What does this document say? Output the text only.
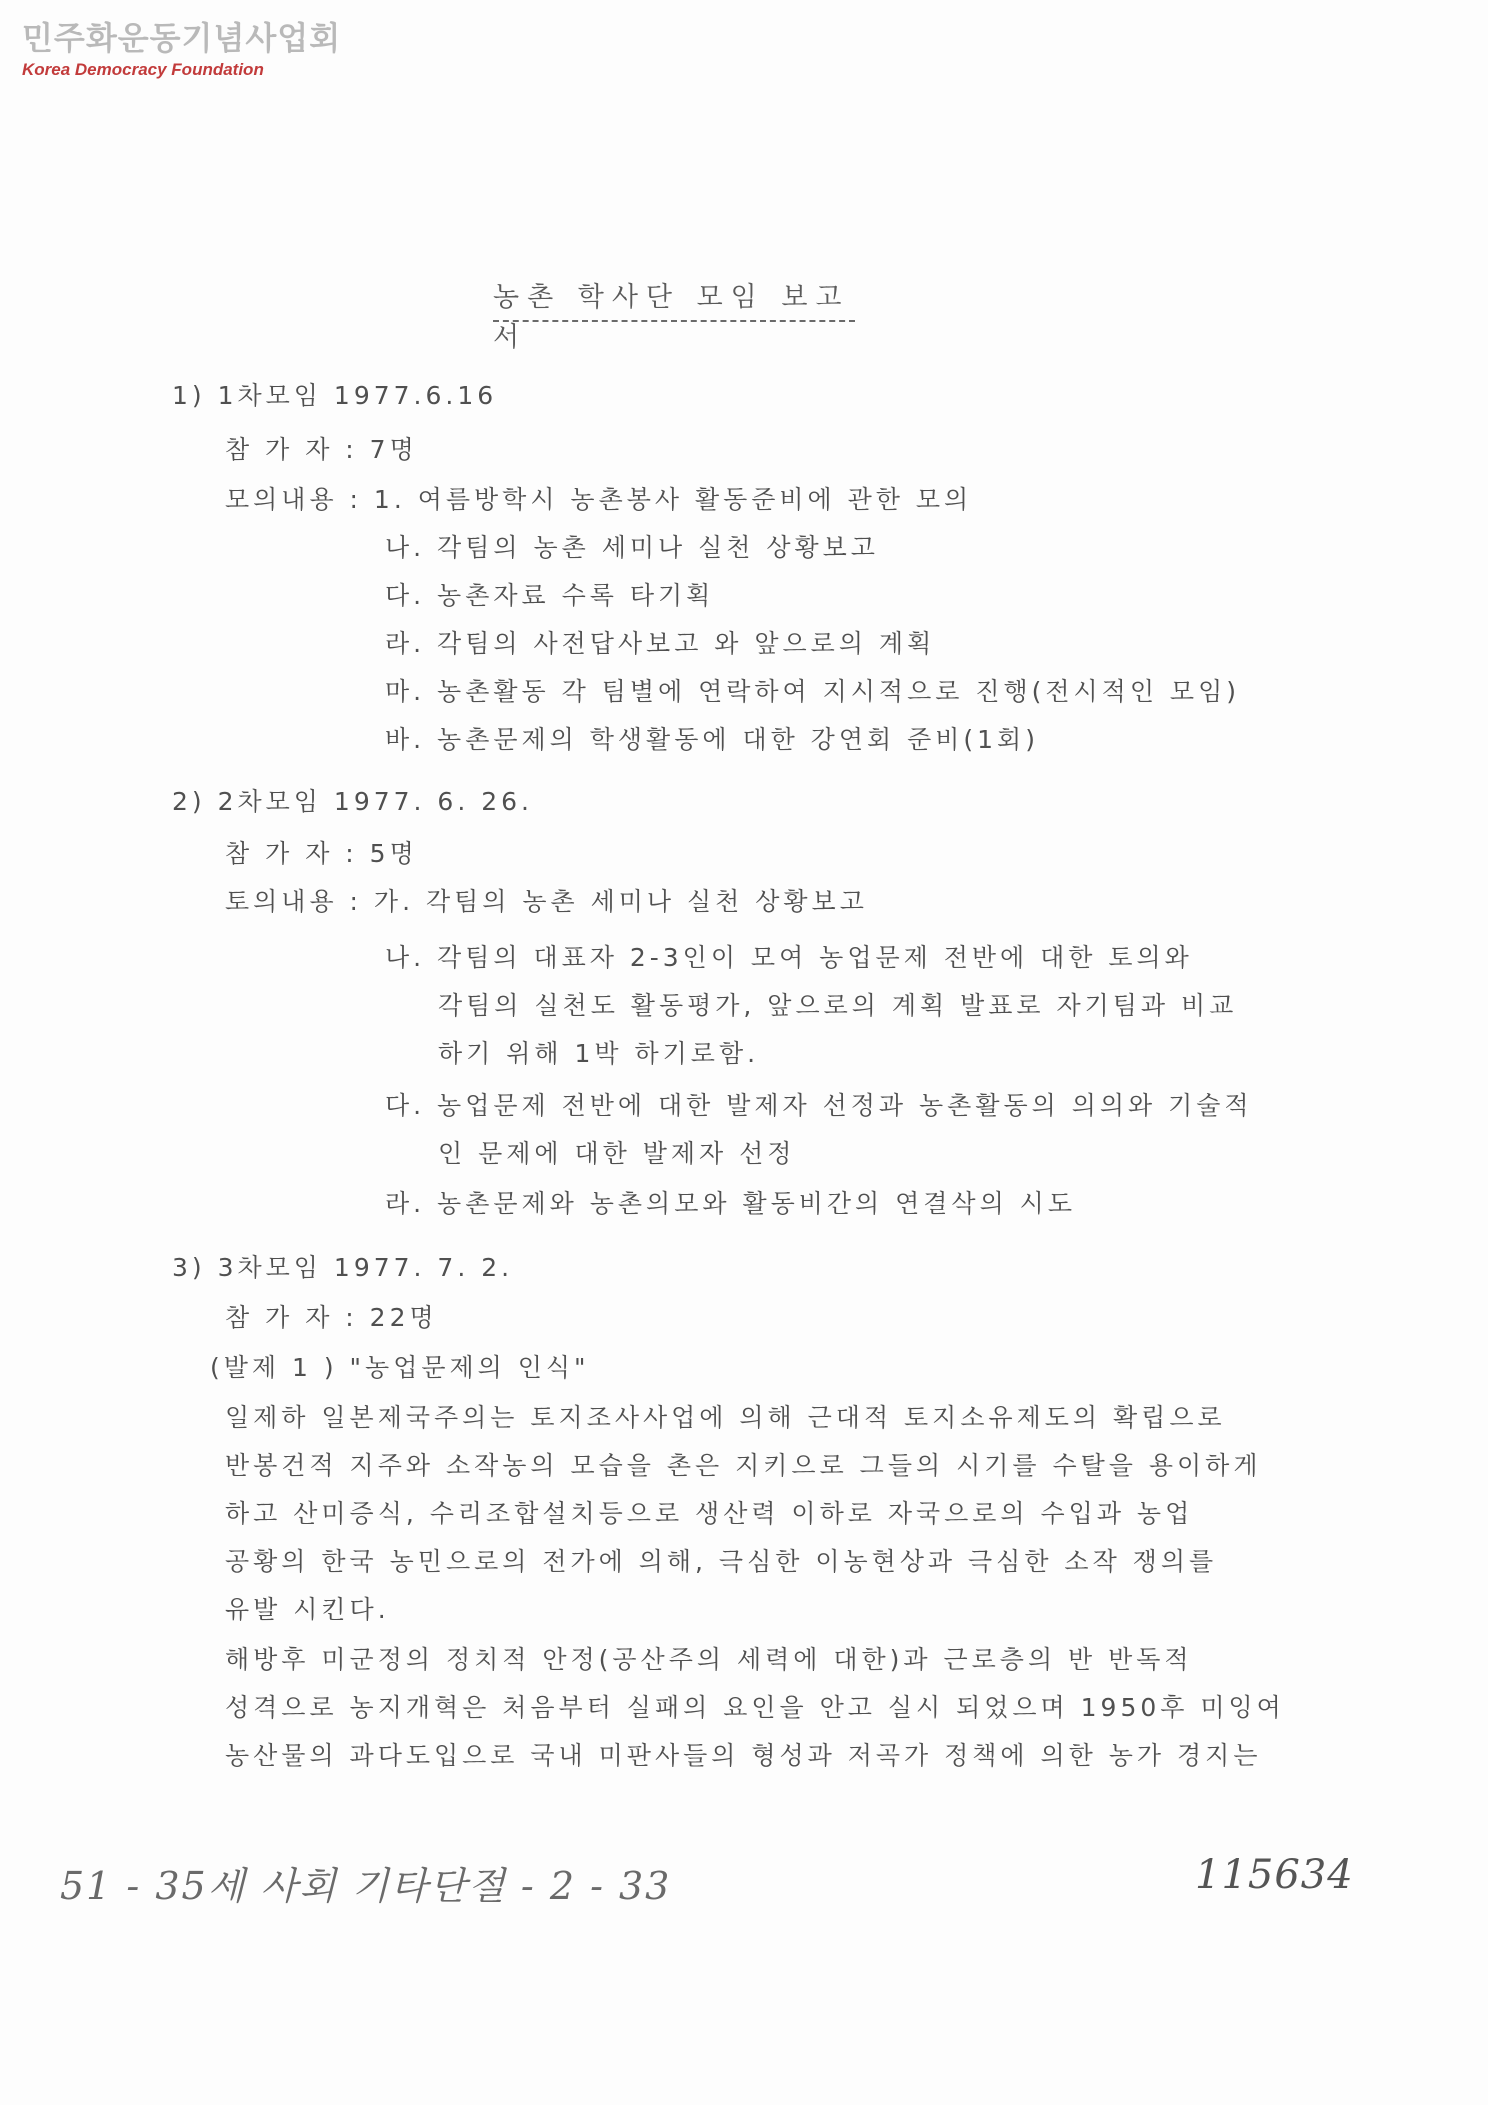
민주화운동기념사업회
Korea Democracy Foundation
농촌 학사단 모임 보고서
1) 1차모임 1977.6.16
참 가 자 : 7명
모의내용 : 1. 여름방학시 농촌봉사 활동준비에 관한 모의
나. 각팀의 농촌 세미나 실천 상황보고
다. 농촌자료 수록 타기획
라. 각팀의 사전답사보고 와 앞으로의 계획
마. 농촌활동 각 팀별에 연락하여 지시적으로 진행(전시적인 모임)
바. 농촌문제의 학생활동에 대한 강연회 준비(1회)
2) 2차모임 1977. 6. 26.
참 가 자 : 5명
토의내용 : 가. 각팀의 농촌 세미나 실천 상황보고
나. 각팀의 대표자 2-3인이 모여 농업문제 전반에 대한 토의와
각팀의 실천도 활동평가, 앞으로의 계획 발표로 자기팀과 비교
하기 위해 1박 하기로함.
다. 농업문제 전반에 대한 발제자 선정과 농촌활동의 의의와 기술적
인 문제에 대한 발제자 선정
라. 농촌문제와 농촌의모와 활동비간의 연결삭의 시도
3) 3차모임 1977. 7. 2.
참 가 자 : 22명
(발제 1 ) "농업문제의 인식"
일제하 일본제국주의는 토지조사사업에 의해 근대적 토지소유제도의 확립으로
반봉건적 지주와 소작농의 모습을 촌은 지키으로 그들의 시기를 수탈을 용이하게
하고 산미증식, 수리조합설치등으로 생산력 이하로 자국으로의 수입과 농업
공황의 한국 농민으로의 전가에 의해, 극심한 이농현상과 극심한 소작 쟁의를
유발 시킨다.
해방후 미군정의 정치적 안정(공산주의 세력에 대한)과 근로층의 반 반독적
성격으로 농지개혁은 처음부터 실패의 요인을 안고 실시 되었으며 1950후 미잉여
농산물의 과다도입으로 국내 미판사들의 형성과 저곡가 정책에 의한 농가 경지는
51 - 35세 사회 기타단절 - 2 - 33	115634
